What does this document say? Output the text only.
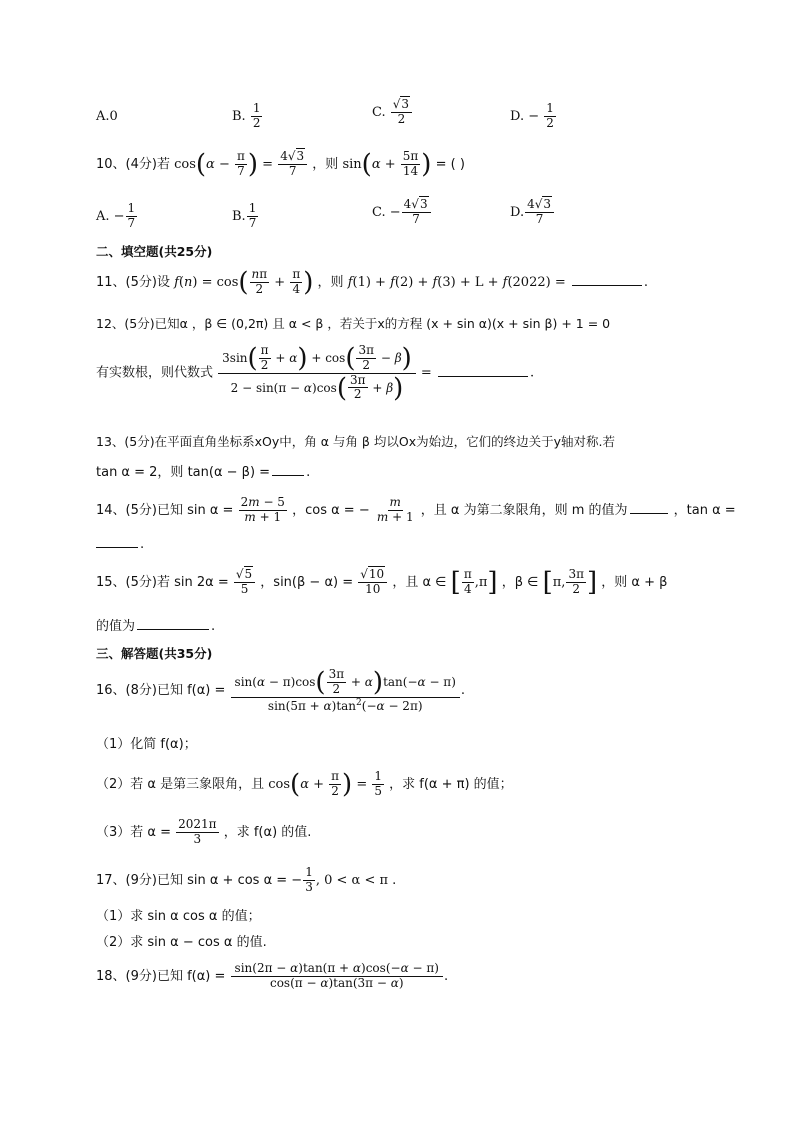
A.0	B. $\frac{1}{2}$	C. $\frac{√3}{2}$	D. − $\frac{1}{2}$
10、(4分)若 $\cos(\alpha - \frac{\pi}{7}$ ) = $\frac{4√3}{7}$ ，则 $\sin(\alpha + \frac{5\pi}{14}$ ) = ( )
A. − $\frac{1}{7}$	B. $\frac{1}{7}$	C. − $\frac{4√3}{7}$	D. $\frac{4√3}{7}$
二、填空题(共25分)
11、(5分)设 $f(n) = \cos( \frac{n\pi}{2} + \frac{\pi}{4}$ ) ，则 f(1) + f(2) + f(3) + L + f(2022) =	.
12、(5分)已知α ，β ∈ (0,2π) 且 α < β ，若关于x的方程 (x + sin α)(x + sin β) + 1 = 0
有实数根，则代数式 $\frac{3\sin( \frac{\pi}{2} + \alpha) + \cos( \frac{3\pi}{2} - \beta)}{2 - \sin(\pi - \alpha)\cos( \frac{3\pi}{2} + \beta)}$ =	.
13、(5分)在平面直角坐标系xOy中，角 α 与角 β 均以Ox为始边，它们的终边关于y轴对称.若
tan α = 2，则 tan(α − β) =	.
14、(5分)已知 $\sin \alpha = \frac{2m - 5}{m + 1}$ ，cos α = − $\frac{m}{m + 1}$ ，且 α 为第二象限角，则 m 的值为	，tan α =
.
15、(5分)若 $\sin 2\alpha = \frac{√5}{5}$ ，$\sin(\beta - \alpha) = \frac{√10}{10}$ ，且 α ∈ [ $\frac{\pi}{4} ,\pi$] ，β ∈ [π, $\frac{3\pi}{2}$ ] ，则 α + β
的值为	.
三、解答题(共35分)
16、(8分)已知 $f(\alpha) = \frac{\sin(\alpha - \pi)\cos( \frac{3\pi}{2} + \alpha)\tan(-\alpha - \pi)}{\sin(5\pi + \alpha)\tan^2(-\alpha - 2\pi)}$ .
（1）化简 f(α)；
（2）若 α 是第三象限角，且 $\cos(\alpha + \frac{\pi}{2}$ ) = $\frac{1}{5}$ ，求 f(α + π) 的值；
（3）若 $\alpha = \frac{2021\pi}{3}$ ，求 f(α) 的值.
17、(9分)已知 sin α + cos α = − $\frac{1}{3}$ , 0 < α < π .
（1）求 sin α cos α 的值；
（2）求 sin α − cos α 的值.
18、(9分)已知 $f(\alpha) = \frac{\sin(2\pi - \alpha)\tan(\pi + \alpha)\cos(-\alpha - \pi)}{\cos(\pi - \alpha)\tan(3\pi - \alpha)}$ .
